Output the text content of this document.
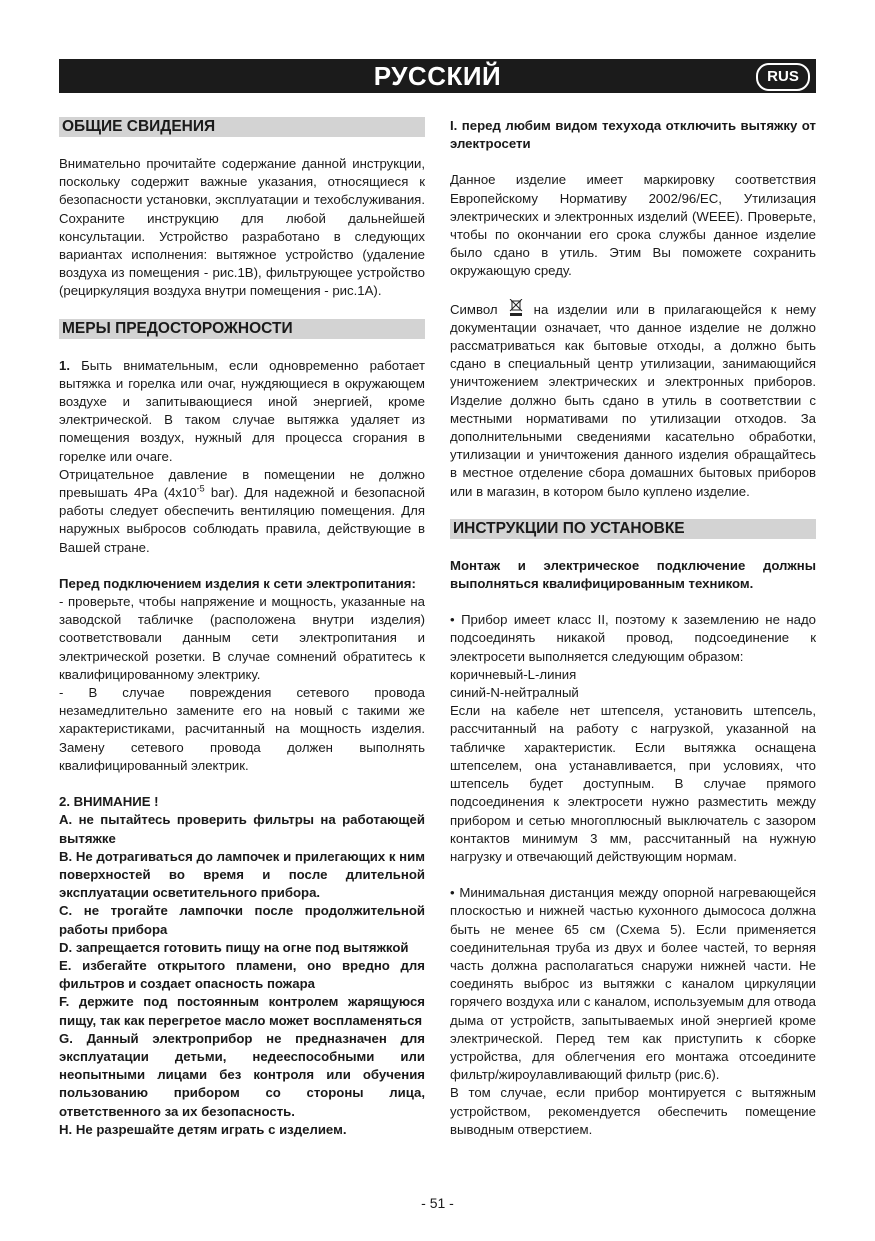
РУССКИЙ	RUS
ОБЩИЕ СВИДЕНИЯ

Внимательно прочитайте содержание данной инструкции, поскольку содержит важные указания, относящиеся к безопасности установки, эксплуатации и техобслуживания. Сохраните инструкцию для любой дальнейшей консультации. Устройство разработано в следующих вариантах исполнения: вытяжное устройство (удаление воздуха из помещения - рис.1B), фильтрующее устройство (рециркуляция воздуха внутри помещения - рис.1A).

МЕРЫ ПРЕДОСТОРОЖНОСТИ

1. Быть внимательным, если одновременно работает вытяжка и горелка или очаг, нуждяющиеся в окружающем воздухе и запитывающиеся иной энергией, кроме электрической. В таком случае вытяжка удаляет из помещения воздух, нужный для процесса сгорания в горелке или очаге.

Отрицательное давление в помещении не должно превышать 4Pa ($4x10^{-5}$ bar). Для надежной и безопасной работы следует обеспечить вентиляцию помещения. Для наружных выбросов соблюдать правила, действующие в Вашей стране.

Перед подключением изделия к сети электропитания:

- проверьте, чтобы напряжение и мощность, указанные на заводской табличке (расположена внутри изделия) соответствовали данным сети электропитания и электрической розетки. В случае сомнений обратитесь к квалифицированному электрику.

- В случае повреждения сетевого провода незамедлительно замените его на новый с такими же характеристиками, расчитанный на мощность изделия. Замену сетевого провода должен выполнять квалифицированный электрик.

2. ВНИМАНИЕ !

A. не пытайтесь проверить фильтры на работающей вытяжке

B. Не дотрагиваться до лампочек и прилегающих к ним поверхностей во время и после длительной эксплуатации осветительного прибора.

C. не трогайте лампочки после продолжительной работы прибора

D. запрещается готовить пищу на огне под вытяжкой

E. избегайте открытого пламени, оно вредно для фильтров и создает опасность пожара

F. держите под постоянным контролем жарящуюся пищу, так как перегретое масло может воспламеняться

G. Данный электроприбор не предназначен для эксплуатации детьми, недееспособными или неопытными лицами без контроля или обучения пользованию прибором со стороны лица, ответственного за их безопасность.

H. Не разрешайте детям играть с изделием.

I. перед любим видом техухода отключить вытяжку от электросети

Данное изделие имеет маркировку соответствия Европейскому Нормативу 2002/96/EC, Утилизация электрических и электронных изделий (WEEE). Проверьте, чтобы по окончании его срока службы данное изделие было сдано в утиль. Этим Вы поможете сохранить окружающую среду.

Символ	на изделии или в прилагающейся к нему документации означает, что данное изделие не должно рассматриваться как бытовые отходы, а должно быть сдано в специальный центр утилизации, занимающийся уничтожением электрических и электронных приборов. Изделие должно быть сдано в утиль в соответствии с местными нормативами по утилизации отходов. За дополнительными сведениями касательно обработки, утилизации и уничтожения данного изделия обращайтесь в местное отделение сбора домашних бытовых приборов или в магазин, в котором было куплено изделие.

ИНСТРУКЦИИ ПО УСТАНОВКЕ

Монтаж и электрическое подключение должны выполняться квалифицированным техником.

• Прибор имеет класс II, поэтому к заземлению не надо подсоединять никакой провод, подсоединение к электросети выполняется следующим образом:

коричневый-L-линия

синий-N-нейтралный

Если на кабеле нет штепселя, установить штепсель, рассчитанный на работу с нагрузкой, указанной на табличке характеристик. Если вытяжка оснащена штепселем, она устанавливается, при условиях, что штепсель будет доступным. В случае прямого подсоединения к электросети нужно разместить между прибором и сетью многоплюсный выключатель с зазором контактов минимум 3 мм, рассчитанный на нужную нагрузку и отвечающий действующим нормам.

• Минимальная дистанция между опорной нагревающейся плоскостью и нижней частью кухонного дымососа должна быть не менее 65 см (Схема 5). Если применяется соединительная труба из двух и более частей, то верняя часть должна располагаться снаружи нижней части. Не соединять выброс из вытяжки с каналом циркуляции горячего воздуха или с каналом, используемым для отвода дыма от устройств, запытываемых иной энергией кроме электрической. Перед тем как приступить к сборке устройства, для облегчения его монтажа отсоедините фильтр/жироулавливающий фильтр (рис.6).

В том случае, если прибор монтируется с вытяжным устройством, рекомендуется обеспечить помещение выводным отверстием.

- 51 -
